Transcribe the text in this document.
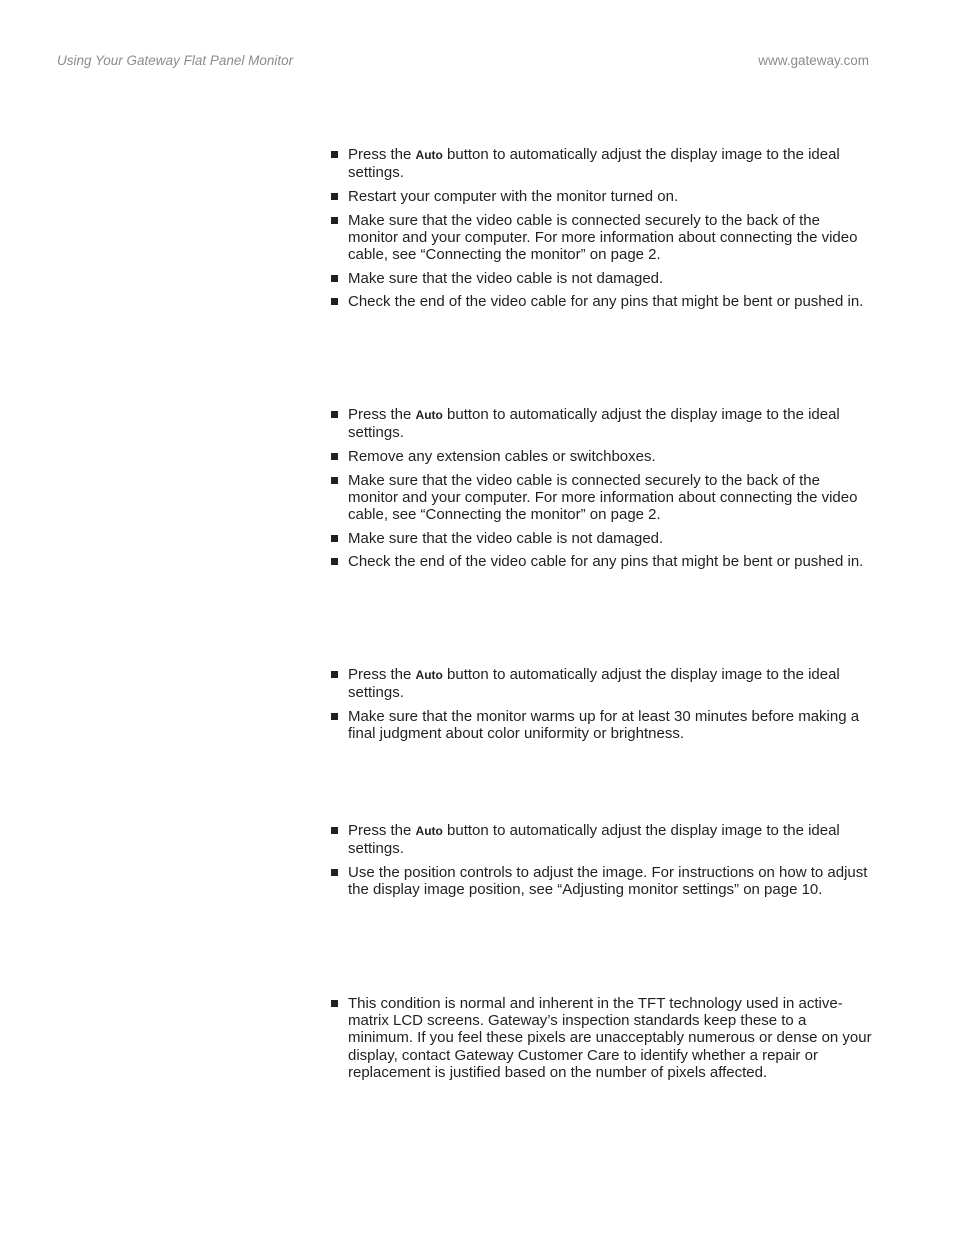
Using Your Gateway Flat Panel Monitor	www.gateway.com
Press the Auto button to automatically adjust the display image to the ideal settings.
Restart your computer with the monitor turned on.
Make sure that the video cable is connected securely to the back of the monitor and your computer. For more information about connecting the video cable, see “Connecting the monitor” on page 2.
Make sure that the video cable is not damaged.
Check the end of the video cable for any pins that might be bent or pushed in.
Press the Auto button to automatically adjust the display image to the ideal settings.
Remove any extension cables or switchboxes.
Make sure that the video cable is connected securely to the back of the monitor and your computer. For more information about connecting the video cable, see “Connecting the monitor” on page 2.
Make sure that the video cable is not damaged.
Check the end of the video cable for any pins that might be bent or pushed in.
Press the Auto button to automatically adjust the display image to the ideal settings.
Make sure that the monitor warms up for at least 30 minutes before making a final judgment about color uniformity or brightness.
Press the Auto button to automatically adjust the display image to the ideal settings.
Use the position controls to adjust the image. For instructions on how to adjust the display image position, see “Adjusting monitor settings” on page 10.
This condition is normal and inherent in the TFT technology used in active-matrix LCD screens. Gateway’s inspection standards keep these to a minimum. If you feel these pixels are unacceptably numerous or dense on your display, contact Gateway Customer Care to identify whether a repair or replacement is justified based on the number of pixels affected.
